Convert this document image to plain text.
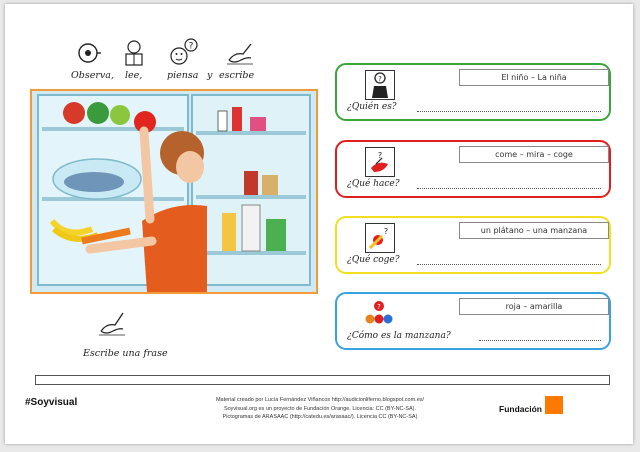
?
Observa, lee,	piensa y escribe	?	El niño – La niña
¿Quién es?
?	come – mira – coge
¿Qué hace?
?	un plátano – una manzana
¿Qué coge?
?	roja – amarilla
¿Cómo es la manzana?
Escribe una frase
#Soyvisual	Material creado por Lucía Fernández Viñancos http://audicionliferno.blogspot.com.es/
Soyvisual.org es un proyecto de Fundación Orange. Licencia: CC (BY-NC-SA).
Pictogramas de ARASAAC (http://catedu.es/arasaac/). Licencia CC (BY-NC-SA)
Fundación
